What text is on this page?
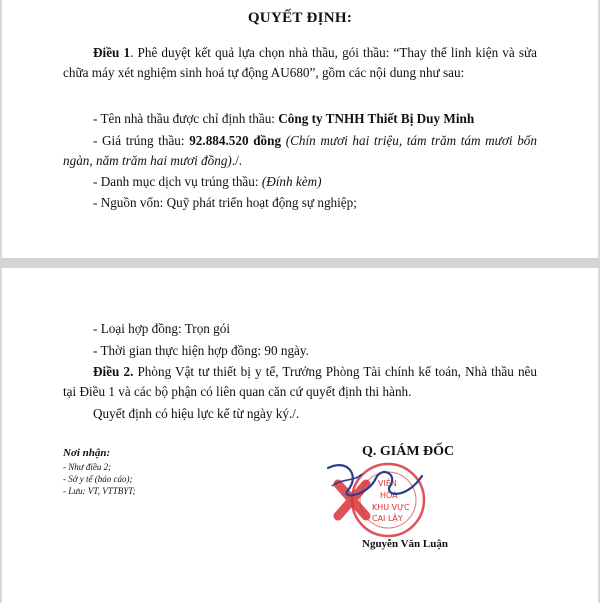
QUYẾT ĐỊNH:
Điều 1. Phê duyệt kết quả lựa chọn nhà thầu, gói thầu: “Thay thế linh kiện và sửa chữa máy xét nghiệm sinh hoá tự động AU680”, gồm các nội dung như sau:
- Tên nhà thầu được chỉ định thầu: Công ty TNHH Thiết Bị Duy Minh
- Giá trúng thầu: 92.884.520 đồng (Chín mươi hai triệu, tám trăm tám mươi bốn ngàn, năm trăm hai mươi đồng)./.
- Danh mục dịch vụ trúng thầu: (Đính kèm)
- Nguồn vốn: Quỹ phát triển hoạt động sự nghiệp;
- Loại hợp đồng: Trọn gói
- Thời gian thực hiện hợp đồng: 90 ngày.
Điều 2. Phòng Vật tư thiết bị y tế, Trưởng Phòng Tài chính kế toán, Nhà thầu nêu tại Điều 1 và các bộ phận có liên quan căn cứ quyết định thi hành.
Quyết định có hiệu lực kể từ ngày ký./.
Nơi nhận:
- Như điều 2;
- Sở y tế (báo cáo);
- Lưu: VT, VTTBYT;
VIỆN
HÒA
KHU VỰC
CAI LẬY
Q. GIÁM ĐỐC
Nguyễn Văn Luận
